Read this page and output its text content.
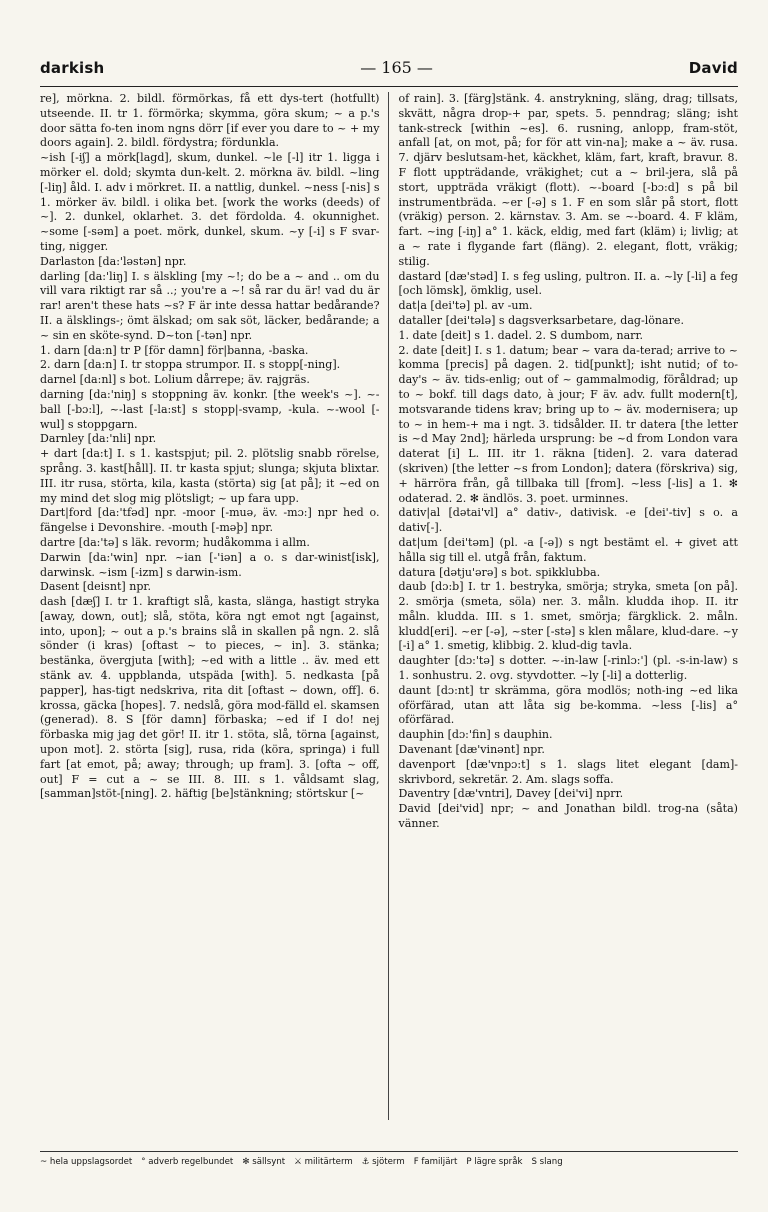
darkish	— 165 —	David

re], mörkna. 2. bildl. förmörkas, få ett dys-tert (hotfullt) utseende. II. tr 1. förmörka; skymma, göra skum; ~ a p.'s door sätta fo-ten inom ngns dörr [if ever you dare to ~ + my doors again]. 2. bildl. fördystra; fördunkla.

~ish [-iʃ] a mörk[lagd], skum, dunkel. ~le [-l] itr 1. ligga i mörker el. dold; skymta dun-kelt. 2. mörkna äv. bildl. ~ling [-liŋ] åld. I. adv i mörkret. II. a nattlig, dunkel. ~ness [-nis] s 1. mörker äv. bildl. i olika bet. [work the works (deeds) of ~]. 2. dunkel, oklarhet. 3. det fördolda. 4. okunnighet. ~some [-səm] a poet. mörk, dunkel, skum. ~y [-i] s F svar-ting, nigger.

Darlaston [da:'lǝstǝn] npr.

darling [da:'liŋ] I. s älskling [my ~!; do be a ~ and .. om du vill vara riktigt rar så ..; you're a ~! så rar du är! vad du är rar! aren't these hats ~s? F är inte dessa hattar bedårande? II. a älsklings-; ömt älskad; om sak söt, läcker, bedårande; a ~ sin en sköte-synd. D~ton [-tən] npr.

1. darn [da:n] tr P [för damn] för|banna, -baska.

2. darn [da:n] I. tr stoppa strumpor. II. s stopp[-ning].

darnel [da:nl] s bot. Lolium dårrepe; äv. rajgräs.

darning [da:'niŋ] s stoppning äv. konkr. [the week's ~]. ~-ball [-bɔ:l], ~-last [-la:st] s stopp|-svamp, -kula. ~-wool [-wul] s stoppgarn.

Darnley [da:'nli] npr.

+ dart [da:t] I. s 1. kastspjut; pil. 2. plötslig snabb rörelse, språng. 3. kast[håll]. II. tr kasta spjut; slunga; skjuta blixtar. III. itr rusa, störta, kila, kasta (störta) sig [at på]; it ~ed on my mind det slog mig plötsligt; ~ up fara upp.

Dart|ford [da:'tfəd] npr. -moor [-muə, äv. -mɔ:] npr hed o. fängelse i Devonshire. -mouth [-məþ] npr.

dartre [da:'tə] s läk. revorm; hudåkomma i allm.

Darwin [da:'win] npr. ~ian [-'iən] a o. s dar-winist[isk], darwinsk. ~ism [-izm] s darwin-ism.

Dasent [deisnt] npr.

dash [dæʃ] I. tr 1. kraftigt slå, kasta, slänga, hastigt stryka [away, down, out]; slå, stöta, köra ngt emot ngt [against, into, upon]; ~ out a p.'s brains slå in skallen på ngn. 2. slå sönder (i kras) [oftast ~ to pieces, ~ in]. 3. stänka; bestänka, övergjuta [with]; ~ed with a little .. äv. med ett stänk av. 4. uppblanda, utspäda [with]. 5. nedkasta [på papper], has-tigt nedskriva, rita dit [oftast ~ down, off]. 6. krossa, gäcka [hopes]. 7. nedslå, göra mod-fälld el. skamsen (generad). 8. S [för damn] förbaska; ~ed if I do! nej förbaska mig jag det gör! II. itr 1. stöta, slå, törna [against, upon mot]. 2. störta [sig], rusa, rida (köra, springa) i full fart [at emot, på; away; through; up fram]. 3. [ofta ~ off, out] F = cut a ~ se III. 8. III. s 1. våldsamt slag, [samman]stöt-[ning]. 2. häftig [be]stänkning; störtskur [~

of rain]. 3. [färg]stänk. 4. anstrykning, släng, drag; tillsats, skvätt, några drop-+ par, spets. 5. penndrag; släng; isht tank-streck [within ~es]. 6. rusning, anlopp, fram-stöt, anfall [at, on mot, på; for för att vin-na]; make a ~ äv. rusa. 7. djärv beslutsam-het, käckhet, kläm, fart, kraft, bravur. 8. F flott uppträdande, vräkighet; cut a ~ bril-jera, slå på stort, uppträda vräkigt (flott). ~-board [-bɔ:d] s på bil instrumentbräda. ~er [-ə] s 1. F en som slår på stort, flott (vräkig) person. 2. kärnstav. 3. Am. se ~-board. 4. F kläm, fart. ~ing [-iŋ] a° 1. käck, eldig, med fart (kläm) i; livlig; at a ~ rate i flygande fart (fläng). 2. elegant, flott, vräkig; stilig.

dastard [dæ'stəd] I. s feg usling, pultron. II. a. ~ly [-li] a feg [och lömsk], ömklig, usel.

dat|a [dei'tə] pl. av -um.

dataller [dei'tələ] s dagsverksarbetare, dag-lönare.

1. date [deit] s 1. dadel. 2. S dumbom, narr.

2. date [deit] I. s 1. datum; bear ~ vara da-terad; arrive to ~ komma [precis] på dagen. 2. tid[punkt]; isht nutid; of to-day's ~ äv. tids-enlig; out of ~ gammalmodig, föråldrad; up to ~ bokf. till dags dato, à jour; F äv. adv. fullt modern[t], motsvarande tidens krav; bring up to ~ äv. modernisera; up to ~ in hem-+ ma i ngt. 3. tidsålder. II. tr datera [the letter is ~d May 2nd]; härleda ursprung: be ~d from London vara daterat [i] L. III. itr 1. räkna [tiden]. 2. vara daterad (skriven) [the letter ~s from London]; datera (förskriva) sig, + härröra från, gå tillbaka till [from]. ~less [-lis] a 1. ✻ odaterad. 2. ✻ ändlös. 3. poet. urminnes.

dativ|al [dətai'vl] a° dativ-, dativisk. -e [dei'-tiv] s o. a dativ[-].

dat|um [dei'təm] (pl. -a [-ə]) s ngt bestämt el. + givet att hålla sig till el. utgå från, faktum.

datura [dətju'ərə] s bot. spikklubba.

daub [dɔ:b] I. tr 1. bestryka, smörja; stryka, smeta [on på]. 2. smörja (smeta, söla) ner. 3. måln. kludda ihop. II. itr måln. kludda. III. s 1. smet, smörja; färgklick. 2. måln. kludd[eri]. ~er [-ə], ~ster [-stə] s klen målare, klud-dare. ~y [-i] a° 1. smetig, klibbig. 2. klud-dig tavla.

daughter [dɔ:'tə] s dotter. ~-in-law [-rinlɔ:'] (pl. -s-in-law) s 1. sonhustru. 2. ovg. styvdotter. ~ly [-li] a dotterlig.

daunt [dɔ:nt] tr skrämma, göra modlös; noth-ing ~ed lika oförfärad, utan att låta sig be-komma. ~less [-lis] a° oförfärad.

dauphin [dɔ:'fin] s dauphin.

Davenant [dæ'vinənt] npr.

davenport [dæ'vnpɔ:t] s 1. slags litet elegant [dam]-skrivbord, sekretär. 2. Am. slags soffa.

Daventry [dæ'vntri], Davey [dei'vi] nprr.

David [dei'vid] npr; ~ and Jonathan bildl. trog-na (såta) vänner.

~ hela uppslagsordet ° adverb regelbundet ✻ sällsynt ⚔ militärterm ⚓ sjöterm F familjärt P lägre språk S slang
